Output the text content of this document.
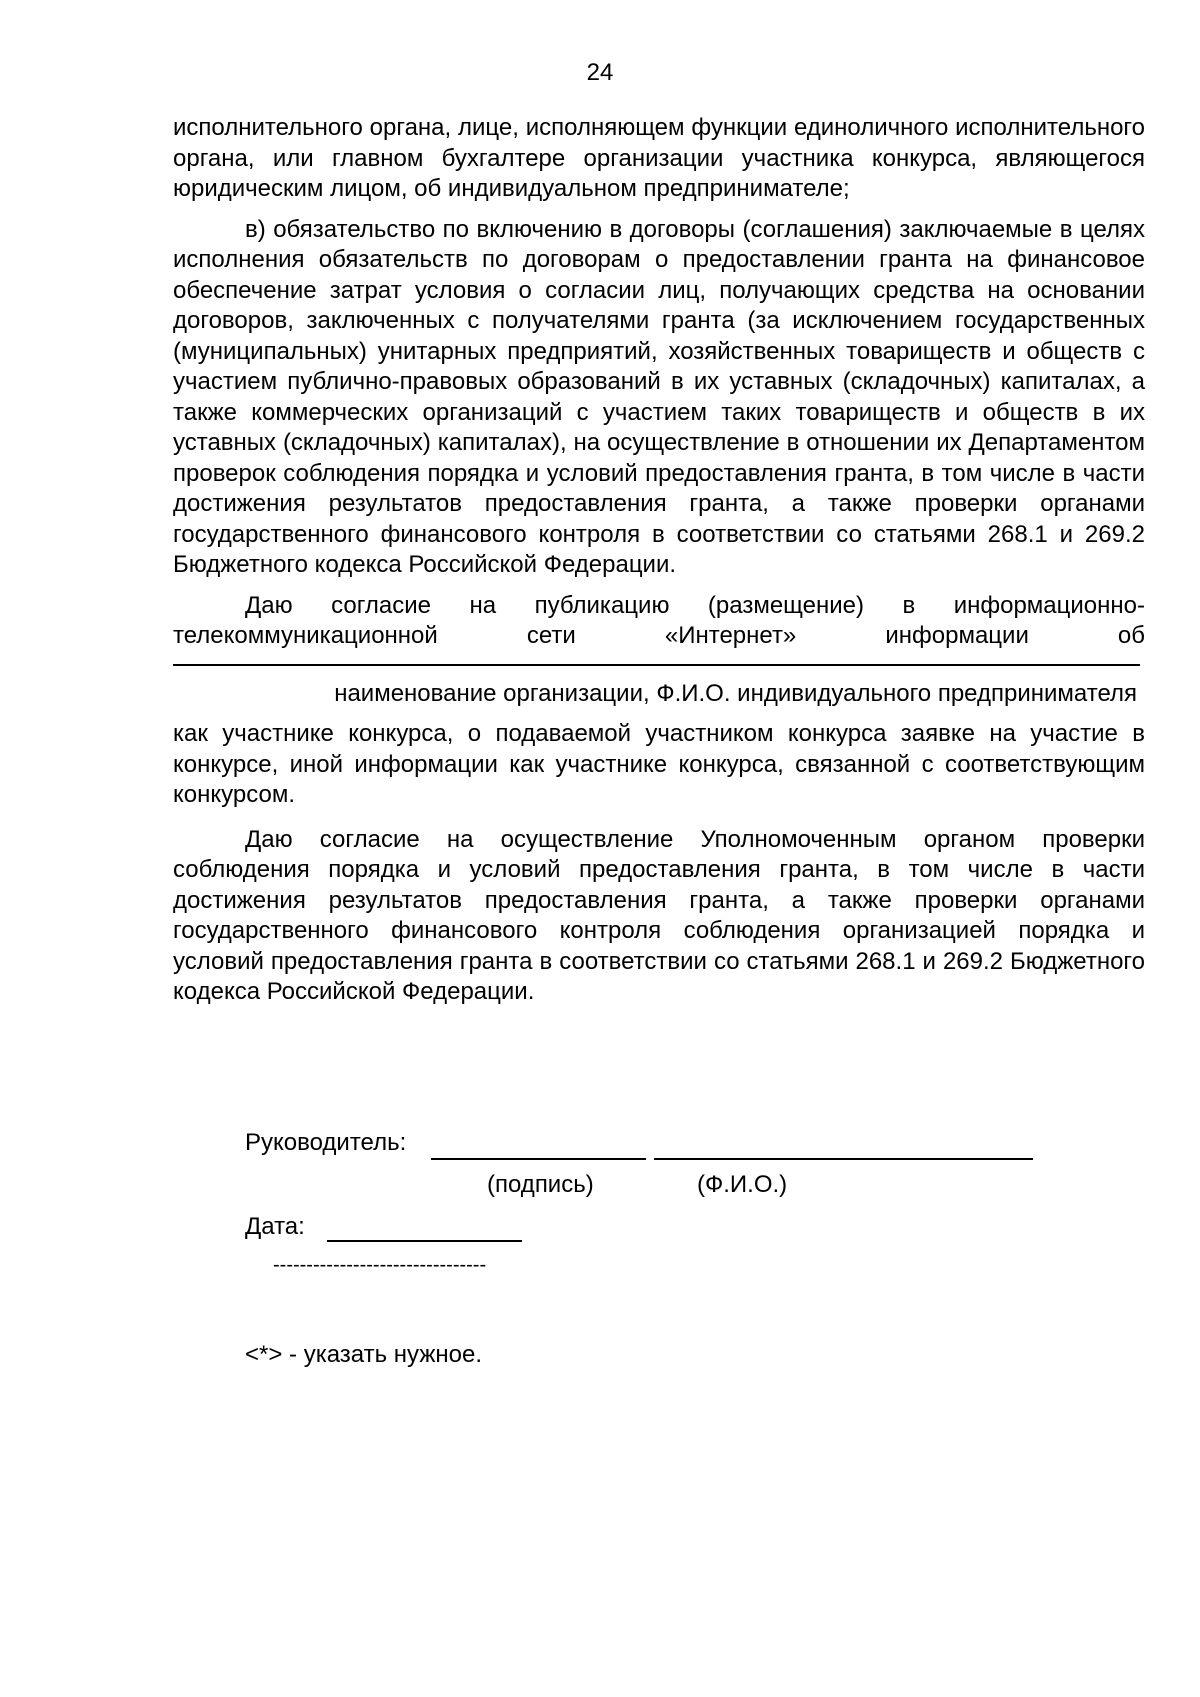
24

исполнительного органа, лице, исполняющем функции единоличного исполнительного органа, или главном бухгалтере организации участника конкурса, являющегося юридическим лицом, об индивидуальном предпринимателе;

в) обязательство по включению в договоры (соглашения) заключаемые в целях исполнения обязательств по договорам о предоставлении гранта на финансовое обеспечение затрат условия о согласии лиц, получающих средства на основании договоров, заключенных с получателями гранта (за исключением государственных (муниципальных) унитарных предприятий, хозяйственных товариществ и обществ с участием публично-правовых образований в их уставных (складочных) капиталах, а также коммерческих организаций с участием таких товариществ и обществ в их уставных (складочных) капиталах), на осуществление в отношении их Департаментом проверок соблюдения порядка и условий предоставления гранта, в том числе в части достижения результатов предоставления гранта, а также проверки органами государственного финансового контроля в соответствии со статьями 268.1 и 269.2 Бюджетного кодекса Российской Федерации.

Даю согласие на публикацию (размещение) в информационно-телекоммуникационной сети «Интернет» информации об

наименование организации, Ф.И.О. индивидуального предпринимателя

как участнике конкурса, о подаваемой участником конкурса заявке на участие в конкурсе, иной информации как участнике конкурса, связанной с соответствующим конкурсом.

Даю согласие на осуществление Уполномоченным органом проверки соблюдения порядка и условий предоставления гранта, в том числе в части достижения результатов предоставления гранта, а также проверки органами государственного финансового контроля соблюдения организацией порядка и условий предоставления гранта в соответствии со статьями 268.1 и 269.2 Бюджетного кодекса Российской Федерации.

Руководитель:
(подпись)	(Ф.И.О.)
Дата:
--------------------------------
<*> - указать нужное.
